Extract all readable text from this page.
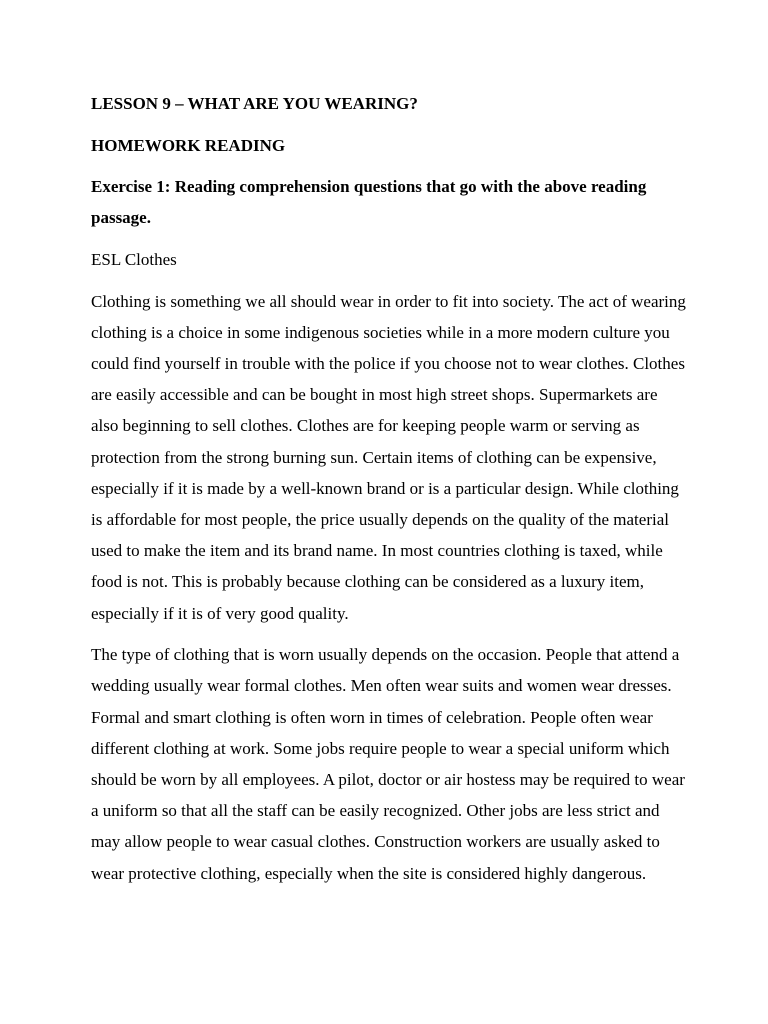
LESSON 9 – WHAT ARE YOU WEARING?

HOMEWORK READING

Exercise 1: Reading comprehension questions that go with the above reading passage.

ESL Clothes

Clothing is something we all should wear in order to fit into society. The act of wearing clothing is a choice in some indigenous societies while in a more modern culture you could find yourself in trouble with the police if you choose not to wear clothes. Clothes are easily accessible and can be bought in most high street shops. Supermarkets are also beginning to sell clothes. Clothes are for keeping people warm or serving as protection from the strong burning sun. Certain items of clothing can be expensive, especially if it is made by a well-known brand or is a particular design. While clothing is affordable for most people, the price usually depends on the quality of the material used to make the item and its brand name. In most countries clothing is taxed, while food is not. This is probably because clothing can be considered as a luxury item, especially if it is of very good quality.

The type of clothing that is worn usually depends on the occasion. People that attend a wedding usually wear formal clothes. Men often wear suits and women wear dresses. Formal and smart clothing is often worn in times of celebration. People often wear different clothing at work. Some jobs require people to wear a special uniform which should be worn by all employees. A pilot, doctor or air hostess may be required to wear a uniform so that all the staff can be easily recognized. Other jobs are less strict and may allow people to wear casual clothes. Construction workers are usually asked to wear protective clothing, especially when the site is considered highly dangerous.
